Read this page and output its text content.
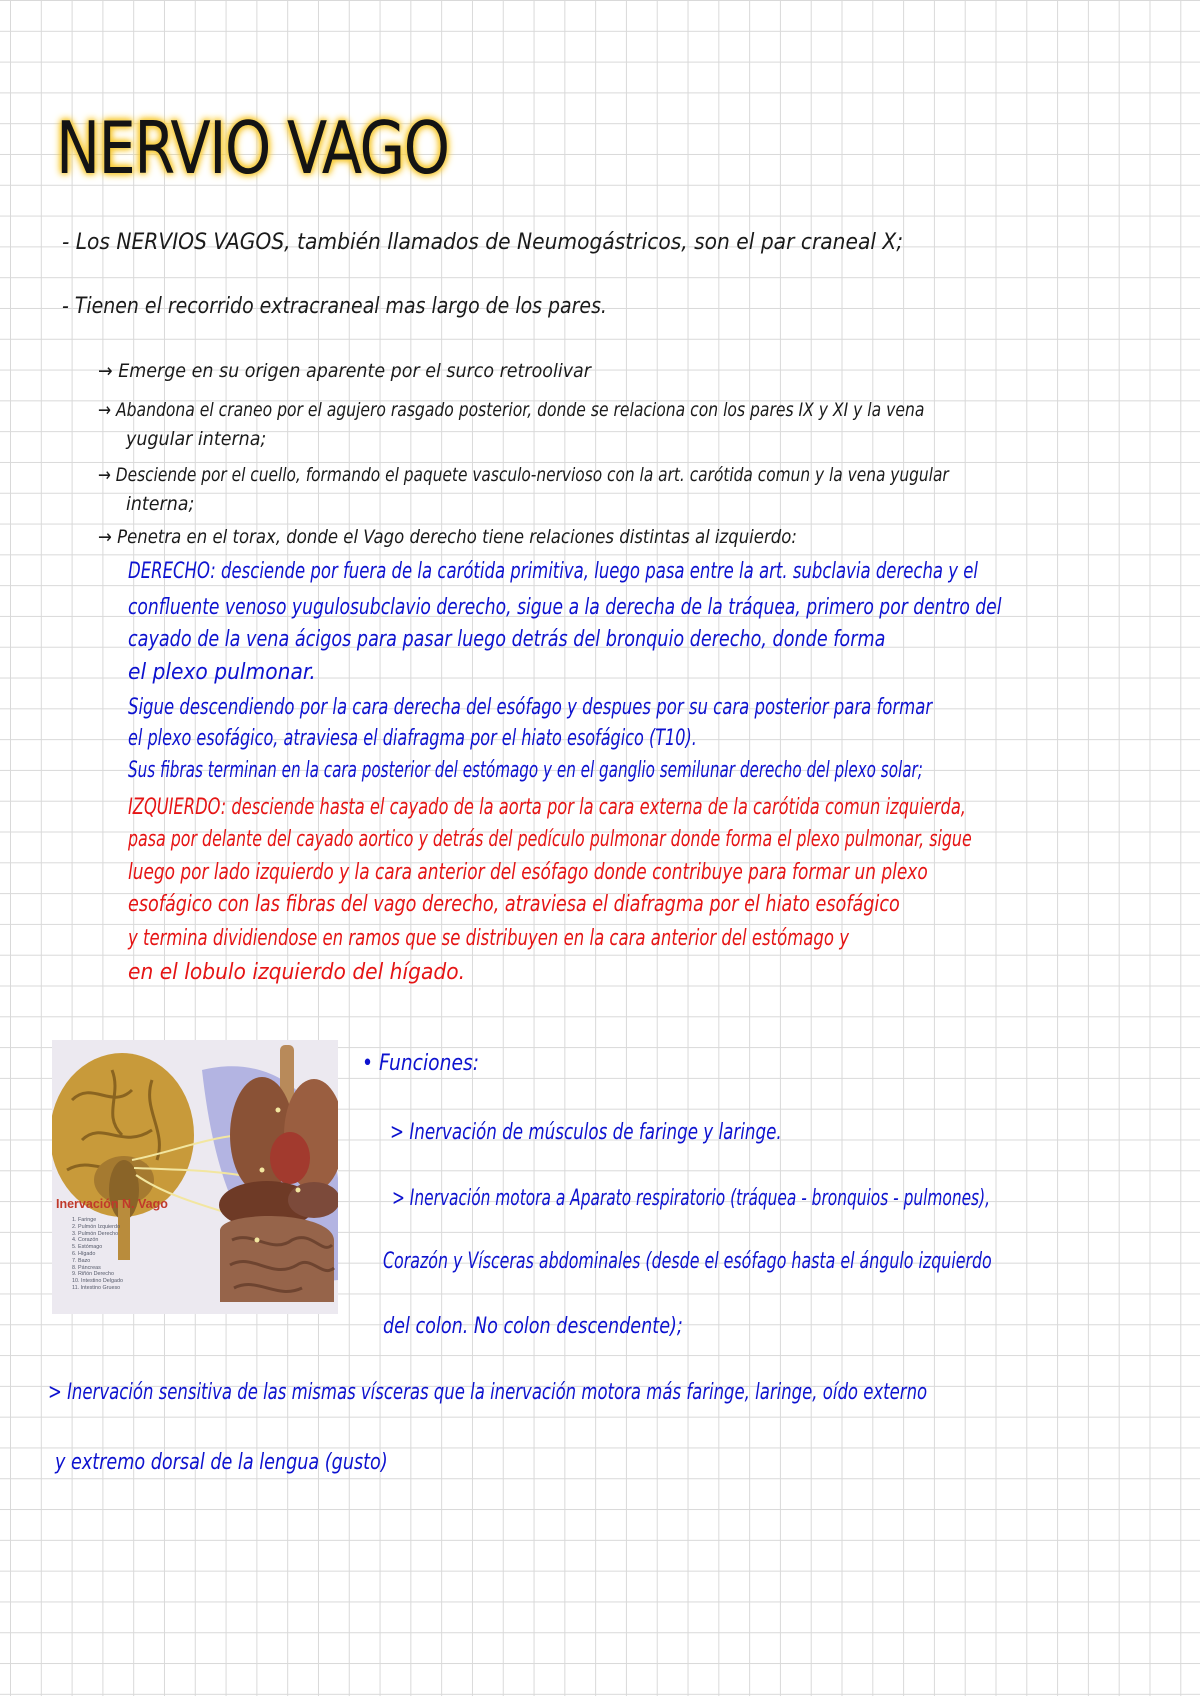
NERVIO VAGO

- Los NERVIOS VAGOS, también llamados de Neumogástricos, son el par craneal X;

- Tienen el recorrido extracraneal mas largo de los pares.

→ Emerge en su origen aparente por el surco retroolivar

→ Abandona el craneo por el agujero rasgado posterior, donde se relaciona con los pares IX y XI y la vena

yugular interna;

→ Desciende por el cuello, formando el paquete vasculo-nervioso con la art. carótida comun y la vena yugular

interna;

→ Penetra en el torax, donde el Vago derecho tiene relaciones distintas al izquierdo:

DERECHO: desciende por fuera de la carótida primitiva, luego pasa entre la art. subclavia derecha y el

confluente venoso yugulosubclavio derecho, sigue a la derecha de la tráquea, primero por dentro del

cayado de la vena ácigos para pasar luego detrás del bronquio derecho, donde forma

el plexo pulmonar.

Sigue descendiendo por la cara derecha del esófago y despues por su cara posterior para formar

el plexo esofágico, atraviesa el diafragma por el hiato esofágico (T10).

Sus fibras terminan en la cara posterior del estómago y en el ganglio semilunar derecho del plexo solar;

IZQUIERDO: desciende hasta el cayado de la aorta por la cara externa de la carótida comun izquierda,

pasa por delante del cayado aortico y detrás del pedículo pulmonar donde forma el plexo pulmonar, sigue

luego por lado izquierdo y la cara anterior del esófago donde contribuye para formar un plexo

esofágico con las fibras del vago derecho, atraviesa el diafragma por el hiato esofágico

y termina dividiendose en ramos que se distribuyen en la cara anterior del estómago y

en el lobulo izquierdo del hígado.

Inervación N. Vago
1. Faringe
2. Pulmón Izquierdo
3. Pulmón Derecho
4. Corazón
5. Estómago
6. Hígado
7. Bazo
8. Páncreas
9. Riñón Derecho
10. Intestino Delgado
11. Intestino Grueso

• Funciones:

> Inervación de músculos de faringe y laringe.

> Inervación motora a Aparato respiratorio (tráquea - bronquios - pulmones),

Corazón y Vísceras abdominales (desde el esófago hasta el ángulo izquierdo

del colon. No colon descendente);

> Inervación sensitiva de las mismas vísceras que la inervación motora más faringe, laringe, oído externo

y extremo dorsal de la lengua (gusto)
